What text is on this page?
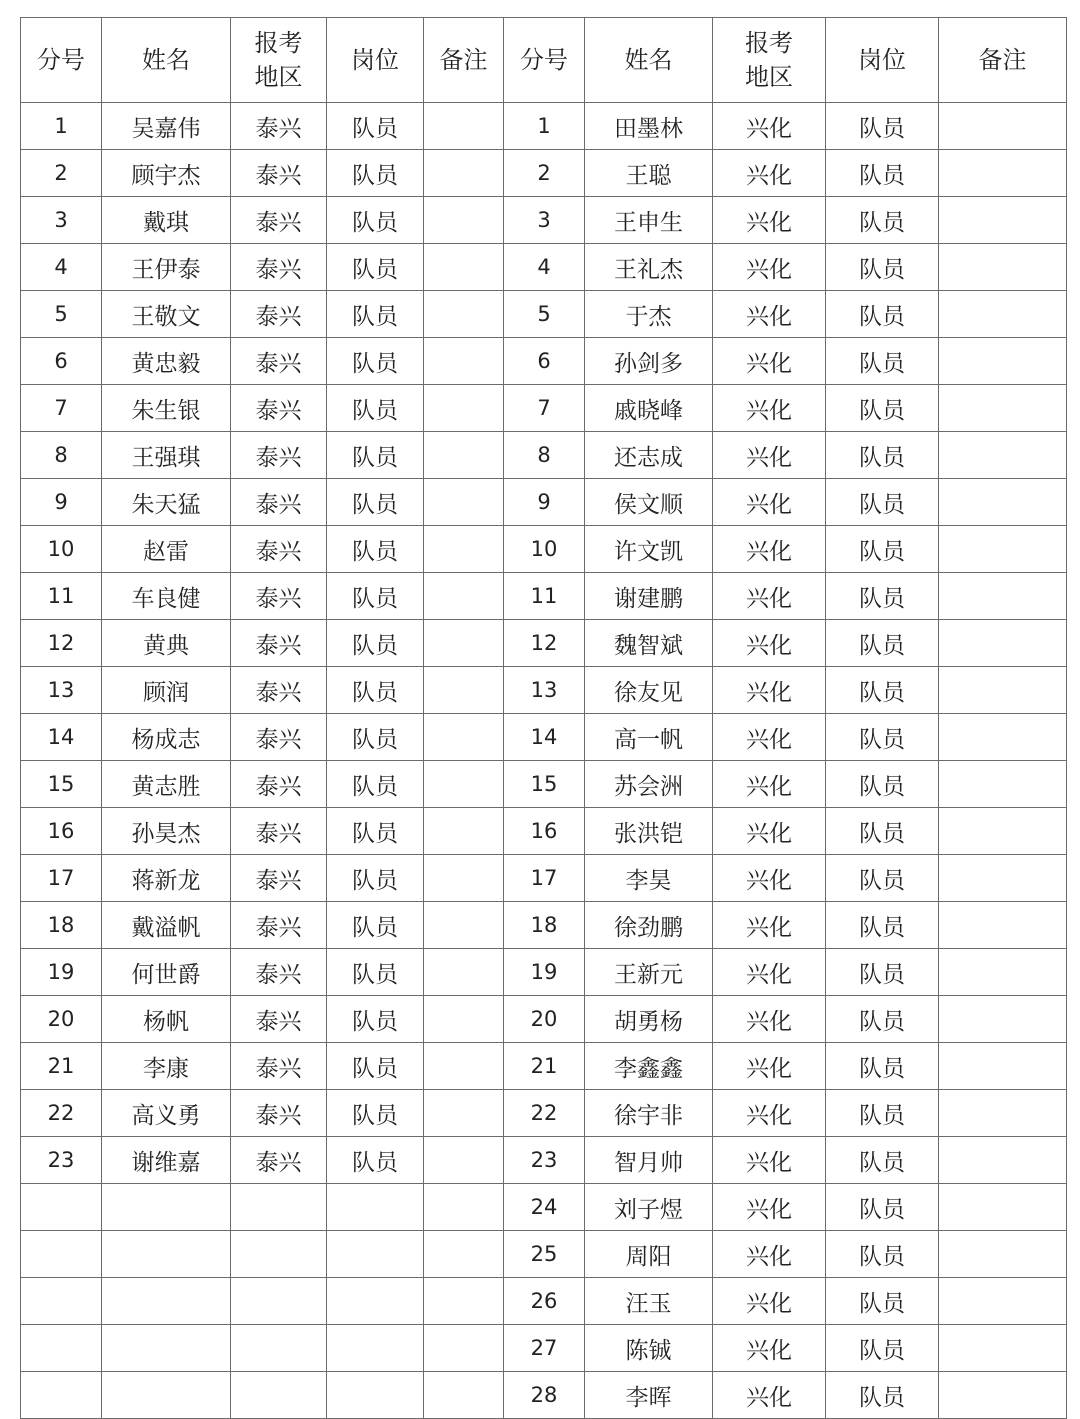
分号	姓名	报考地区	岗位	备注	分号	姓名	报考地区	岗位	备注
1	吴嘉伟	泰兴	队员		1	田墨林	兴化	队员	
2	顾宇杰	泰兴	队员		2	王聪	兴化	队员	
3	戴琪	泰兴	队员		3	王申生	兴化	队员	
4	王伊泰	泰兴	队员		4	王礼杰	兴化	队员	
5	王敬文	泰兴	队员		5	于杰	兴化	队员	
6	黄忠毅	泰兴	队员		6	孙剑多	兴化	队员	
7	朱生银	泰兴	队员		7	戚晓峰	兴化	队员	
8	王强琪	泰兴	队员		8	还志成	兴化	队员	
9	朱天猛	泰兴	队员		9	侯文顺	兴化	队员	
10	赵雷	泰兴	队员		10	许文凯	兴化	队员	
11	车良健	泰兴	队员		11	谢建鹏	兴化	队员	
12	黄典	泰兴	队员		12	魏智斌	兴化	队员	
13	顾润	泰兴	队员		13	徐友见	兴化	队员	
14	杨成志	泰兴	队员		14	高一帆	兴化	队员	
15	黄志胜	泰兴	队员		15	苏会洲	兴化	队员	
16	孙昊杰	泰兴	队员		16	张洪铠	兴化	队员	
17	蒋新龙	泰兴	队员		17	李昊	兴化	队员	
18	戴溢帆	泰兴	队员		18	徐劲鹏	兴化	队员	
19	何世爵	泰兴	队员		19	王新元	兴化	队员	
20	杨帆	泰兴	队员		20	胡勇杨	兴化	队员	
21	李康	泰兴	队员		21	李鑫鑫	兴化	队员	
22	高义勇	泰兴	队员		22	徐宇非	兴化	队员	
23	谢维嘉	泰兴	队员		23	智月帅	兴化	队员	
					24	刘子煜	兴化	队员	
					25	周阳	兴化	队员	
					26	汪玉	兴化	队员	
					27	陈铖	兴化	队员	
					28	李晖	兴化	队员	
